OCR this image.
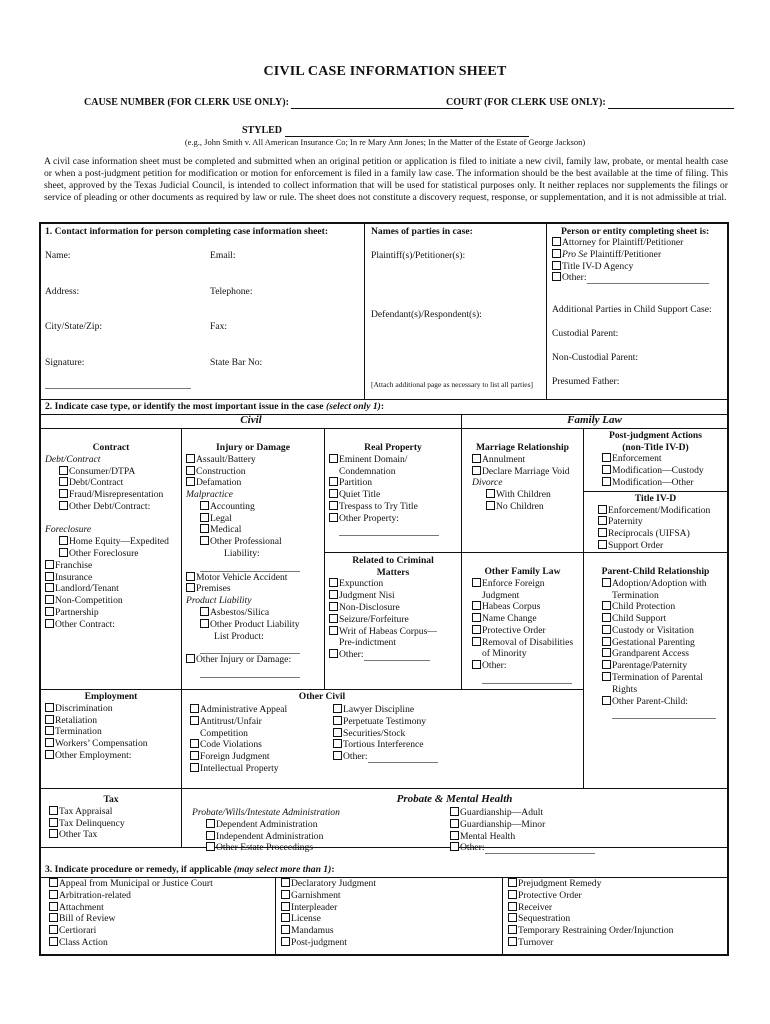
CIVIL CASE INFORMATION SHEET
CAUSE NUMBER (FOR CLERK USE ONLY):	COURT (FOR CLERK USE ONLY):
STYLED
(e.g., John Smith v. All American Insurance Co; In re Mary Ann Jones; In the Matter of the Estate of George Jackson)
A civil case information sheet must be completed and submitted when an original petition or application is filed to initiate a new civil, family law, probate, or mental health case or when a post-judgment petition for modification or motion for enforcement is filed in a family law case. The information should be the best available at the time of filing. This sheet, approved by the Texas Judicial Council, is intended to collect information that will be used for statistical purposes only. It neither replaces nor supplements the filings or service of pleading or other documents as required by law or rule. The sheet does not constitute a discovery request, response, or supplementation, and it is not admissible at trial.
1. Contact information for person completing case information sheet:
Name:	Email:
Address:	Telephone:
City/State/Zip:	Fax:
Signature:	State Bar No:
Names of parties in case:
Plaintiff(s)/Petitioner(s):
Defendant(s)/Respondent(s):
[Attach additional page as necessary to list all parties]
Person or entity completing sheet is:
Attorney for Plaintiff/Petitioner
Pro Se Plaintiff/Petitioner
Title IV-D Agency
Other:
Additional Parties in Child Support Case:
Custodial Parent:
Non-Custodial Parent:
Presumed Father:
2. Indicate case type, or identify the most important issue in the case (select only 1):
Civil	Family Law
Contract
Debt/Contract
Consumer/DTPA
Debt/Contract
Fraud/Misrepresentation
Other Debt/Contract:
Foreclosure
Home Equity—Expedited
Other Foreclosure
Franchise
Insurance
Landlord/Tenant
Non-Competition
Partnership
Other Contract:
Injury or Damage
Assault/Battery
Construction
Defamation
Malpractice
Accounting
Legal
Medical
Other Professional
Liability:
Motor Vehicle Accident
Premises
Product Liability
Asbestos/Silica
Other Product Liability
List Product:
Other Injury or Damage:
Real Property
Eminent Domain/
Condemnation
Partition
Quiet Title
Trespass to Try Title
Other Property:
Related to Criminal
Matters
Expunction
Judgment Nisi
Non-Disclosure
Seizure/Forfeiture
Writ of Habeas Corpus—
Pre-indictment
Other:
Marriage Relationship
Annulment
Declare Marriage Void
Divorce
With Children
No Children
Other Family Law
Enforce Foreign
Judgment
Habeas Corpus
Name Change
Protective Order
Removal of Disabilities
of Minority
Other:
Post-judgment Actions
(non-Title IV-D)
Enforcement
Modification—Custody
Modification—Other
Title IV-D
Enforcement/Modification
Paternity
Reciprocals (UIFSA)
Support Order
Parent-Child Relationship
Adoption/Adoption with
Termination
Child Protection
Child Support
Custody or Visitation
Gestational Parenting
Grandparent Access
Parentage/Paternity
Termination of Parental
Rights
Other Parent-Child:
Employment
Discrimination
Retaliation
Termination
Workers’ Compensation
Other Employment:
Other Civil
Administrative Appeal
Antitrust/Unfair
Competition
Code Violations
Foreign Judgment
Intellectual Property
Lawyer Discipline
Perpetuate Testimony
Securities/Stock
Tortious Interference
Other:
Tax
Tax Appraisal
Tax Delinquency
Other Tax
Probate & Mental Health
Probate/Wills/Intestate Administration
Dependent Administration
Independent Administration
Other Estate Proceedings
Guardianship—Adult
Guardianship—Minor
Mental Health
Other:
3. Indicate procedure or remedy, if applicable (may select more than 1):
Appeal from Municipal or Justice Court
Arbitration-related
Attachment
Bill of Review
Certiorari
Class Action
Declaratory Judgment
Garnishment
Interpleader
License
Mandamus
Post-judgment
Prejudgment Remedy
Protective Order
Receiver
Sequestration
Temporary Restraining Order/Injunction
Turnover
